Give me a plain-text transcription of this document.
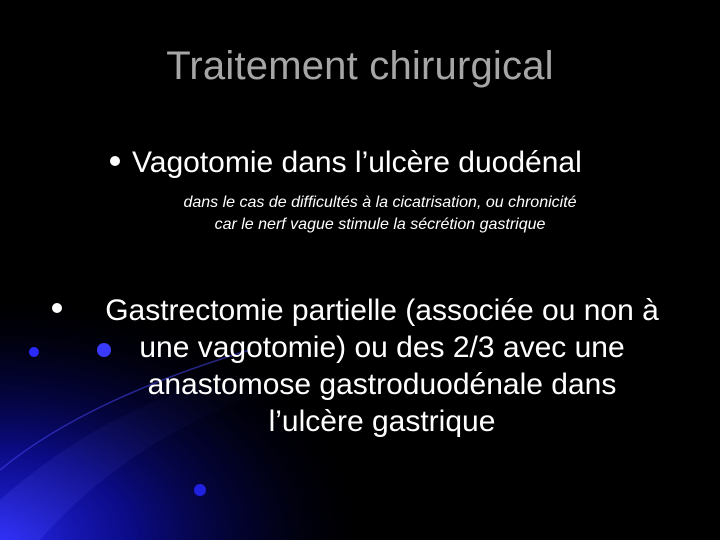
Traitement chirurgical
Vagotomie dans l’ulcère duodénal
dans le cas de difficultés à la cicatrisation, ou chronicité
car le nerf vague stimule la sécrétion gastrique
Gastrectomie partielle (associée ou non à
une vagotomie) ou des 2/3 avec une
anastomose gastroduodénale dans
l’ulcère gastrique
